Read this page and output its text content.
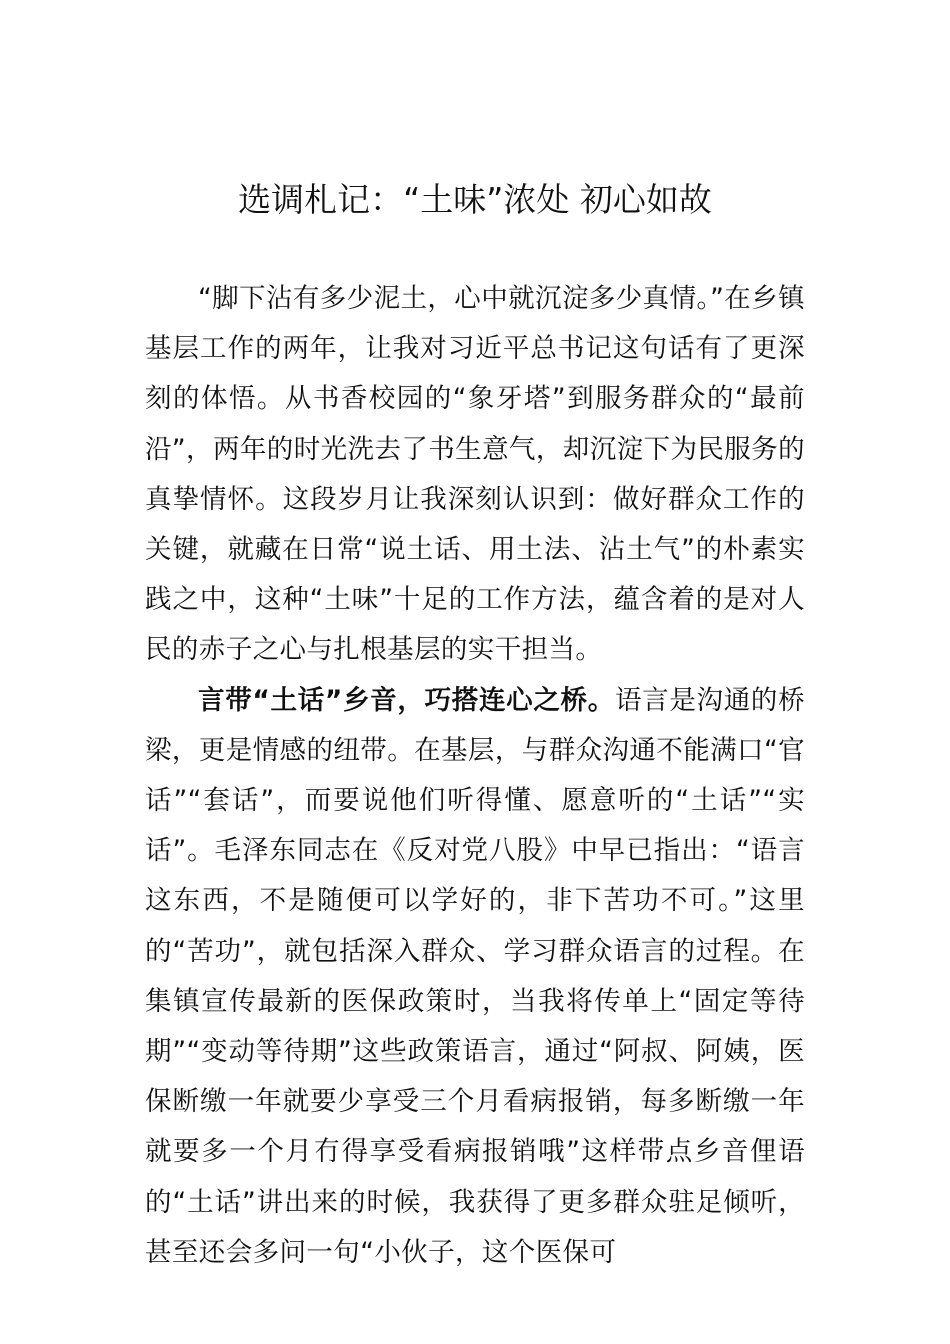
选调札记：“土味”浓处 初心如故

“脚下沾有多少泥土，心中就沉淀多少真情。”在乡镇基层工作的两年，让我对习近平总书记这句话有了更深刻的体悟。从书香校园的“象牙塔”到服务群众的“最前沿”，两年的时光洗去了书生意气，却沉淀下为民服务的真挚情怀。这段岁月让我深刻认识到：做好群众工作的关键，就藏在日常“说土话、用土法、沾土气”的朴素实践之中，这种“土味”十足的工作方法，蕴含着的是对人民的赤子之心与扎根基层的实干担当。

言带“土话”乡音，巧搭连心之桥。语言是沟通的桥梁，更是情感的纽带。在基层，与群众沟通不能满口“官话”“套话”，而要说他们听得懂、愿意听的“土话”“实话”。毛泽东同志在《反对党八股》中早已指出：“语言这东西，不是随便可以学好的，非下苦功不可。”这里的“苦功”，就包括深入群众、学习群众语言的过程。在集镇宣传最新的医保政策时，当我将传单上“固定等待期”“变动等待期”这些政策语言，通过“阿叔、阿姨，医保断缴一年就要少享受三个月看病报销，每多断缴一年就要多一个月冇得享受看病报销哦”这样带点乡音俚语的“土话”讲出来的时候，我获得了更多群众驻足倾听，甚至还会多问一句“小伙子，这个医保可
